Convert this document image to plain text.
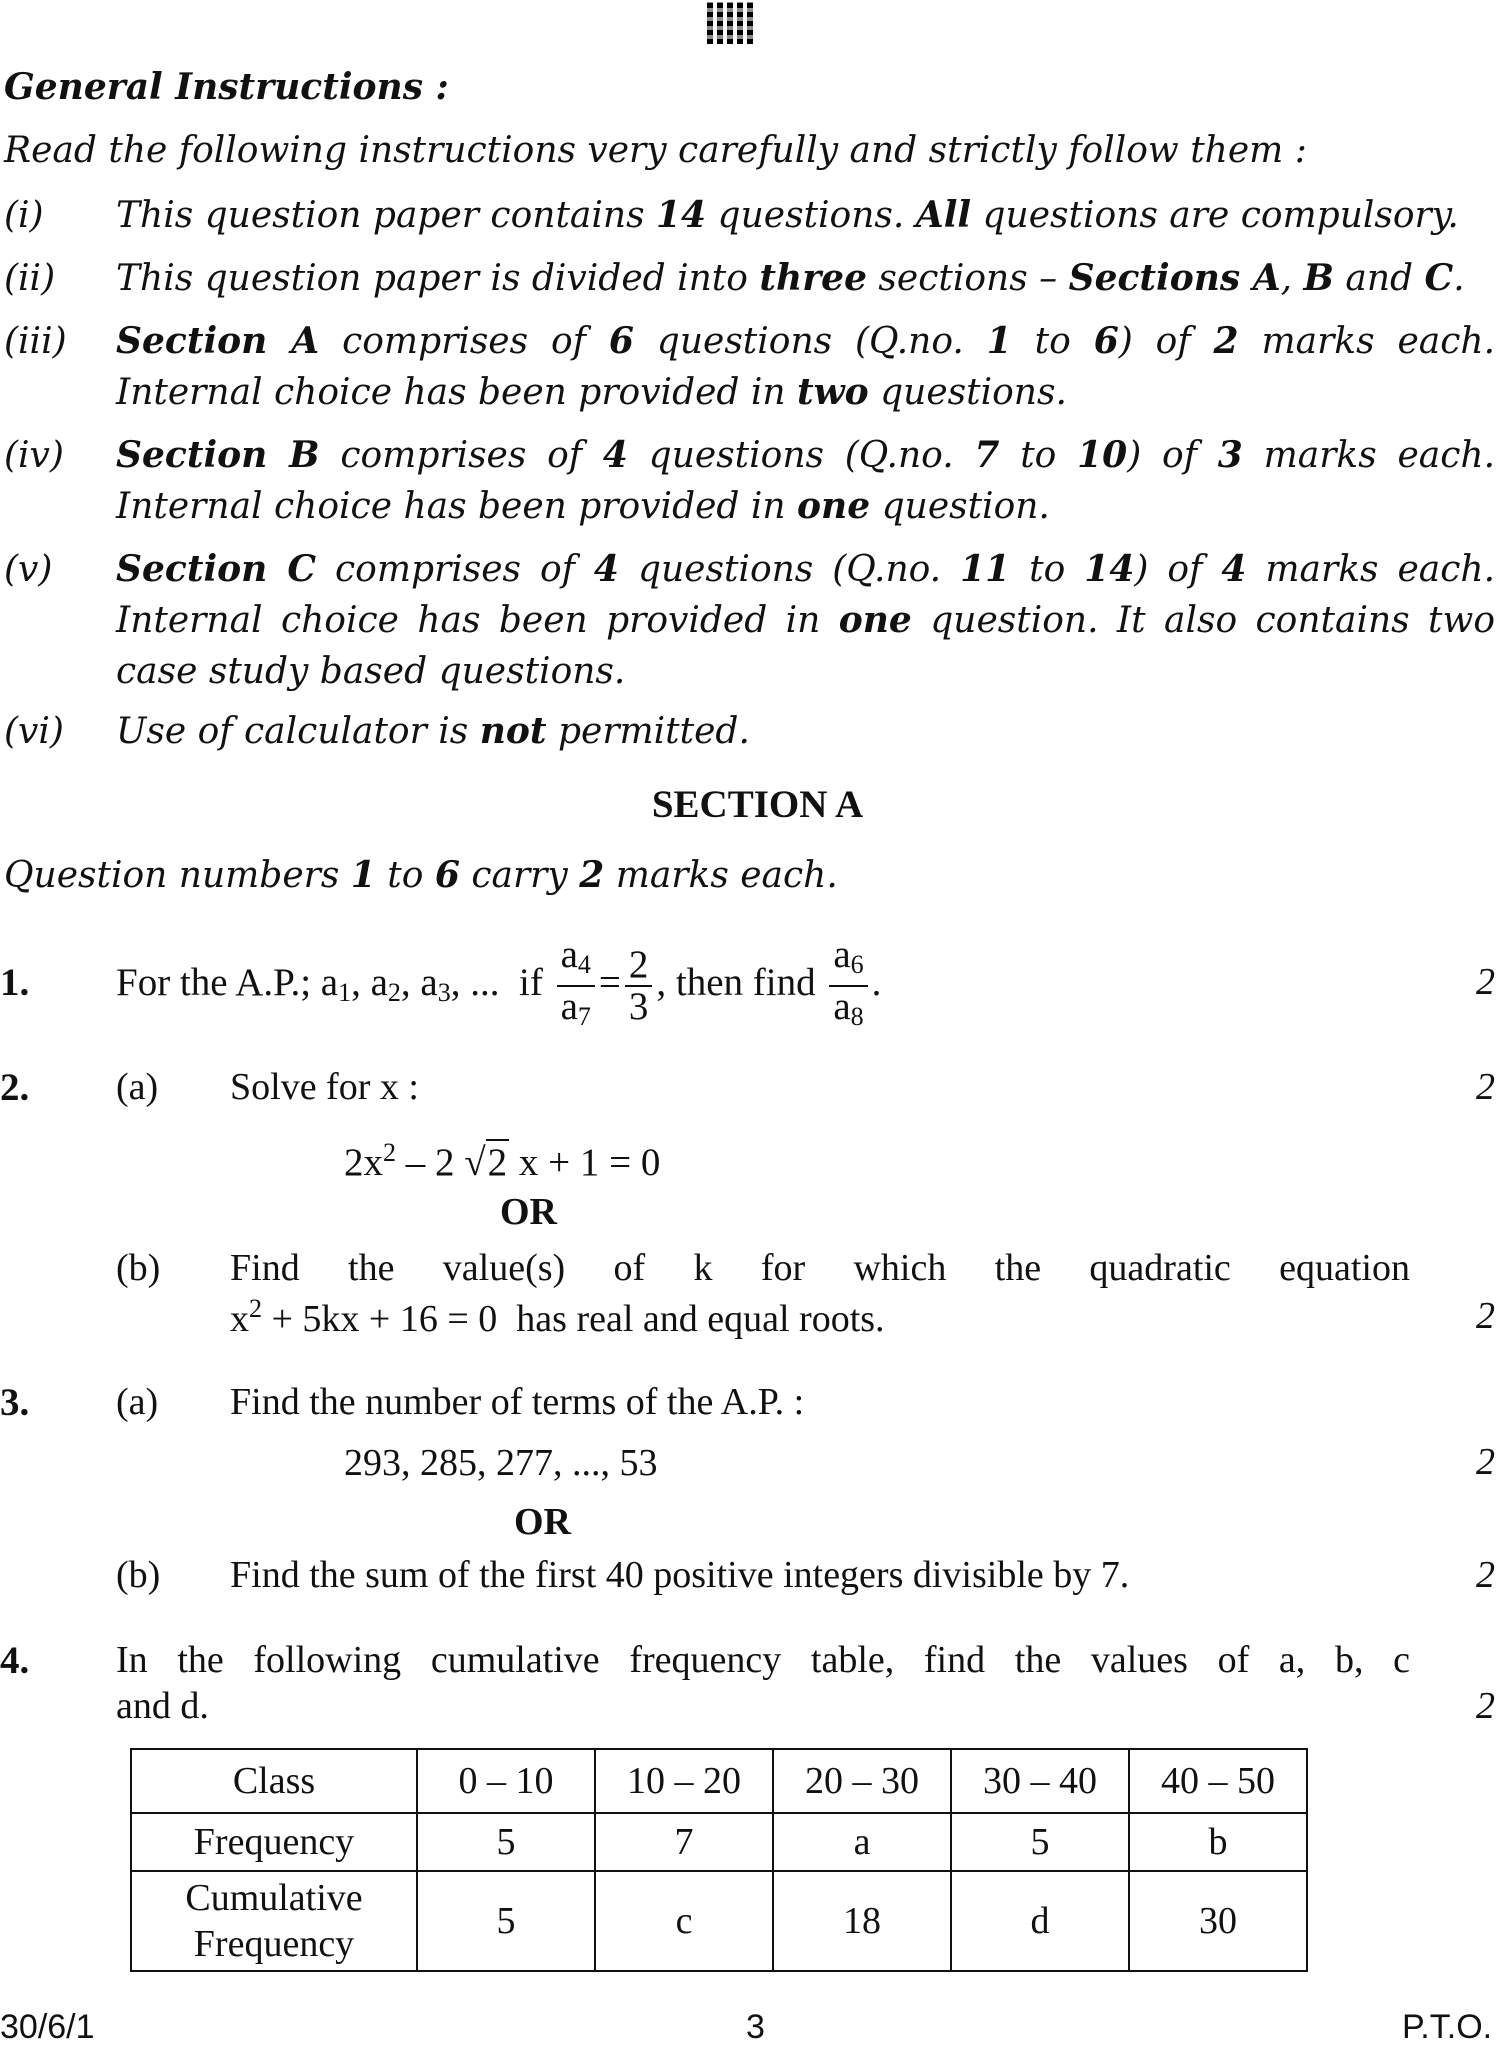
General Instructions :
Read the following instructions very carefully and strictly follow them :
(i) This question paper contains 14 questions. All questions are compulsory.
(ii) This question paper is divided into three sections – Sections A, B and C.
(iii) Section A comprises of 6 questions (Q.no. 1 to 6) of 2 marks each. Internal choice has been provided in two questions.
(iv) Section B comprises of 4 questions (Q.no. 7 to 10) of 3 marks each. Internal choice has been provided in one question.
(v) Section C comprises of 4 questions (Q.no. 11 to 14) of 4 marks each. Internal choice has been provided in one question. It also contains two case study based questions.
(vi) Use of calculator is not permitted.
SECTION A
Question numbers 1 to 6 carry 2 marks each.
1. For the A.P.; $a_1$, $a_2$, $a_3$, ...  if $\frac{a_4}{a_7} = \frac{2}{3}$ , then find $\frac{a_6}{a_8}$ .	2
2. (a) Solve for x :	2
$2x^2 - 2$ √2 x + 1 = 0
OR
(b) Find the value(s) of k for which the quadratic equation
$x^2 + 5kx + 16 = 0$  has real and equal roots.	2
3. (a) Find the number of terms of the A.P. :
293, 285, 277, ..., 53	2
OR
(b) Find the sum of the first 40 positive integers divisible by 7.	2
4. In the following cumulative frequency table, find the values of a, b, c
and d.	2
Class	0 – 10	10 – 20	20 – 30	30 – 40	40 – 50
Frequency	5	7	a	5	b
Cumulative
Frequency	5	c	18	d	30
30/6/1	3	P.T.O.
